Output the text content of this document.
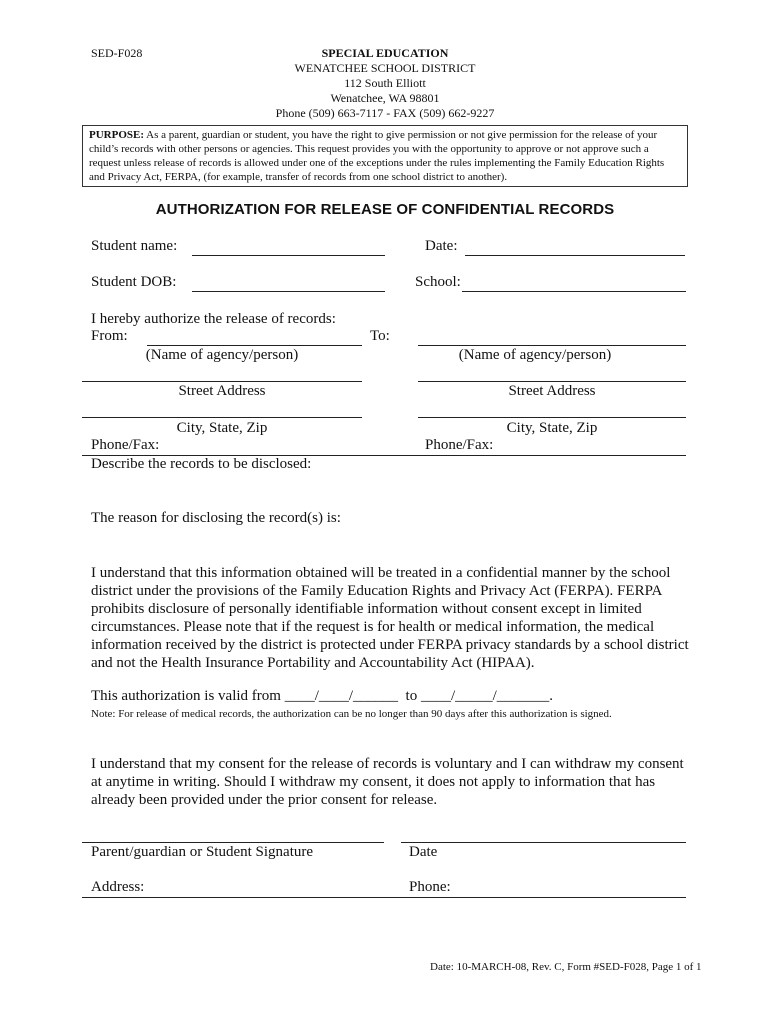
SED-F028	SPECIAL EDUCATION
WENATCHEE SCHOOL DISTRICT
112 South Elliott
Wenatchee, WA 98801
Phone (509) 663-7117 - FAX (509) 662-9227
PURPOSE: As a parent, guardian or student, you have the right to give permission or not give permission for the release of your child’s records with other persons or agencies. This request provides you with the opportunity to approve or not approve such a request unless release of records is allowed under one of the exceptions under the rules implementing the Family Education Rights and Privacy Act, FERPA, (for example, transfer of records from one school district to another).
AUTHORIZATION FOR RELEASE OF CONFIDENTIAL RECORDS
Student name:	Date:
Student DOB:	School:
I hereby authorize the release of records:
From:	To:
(Name of agency/person)	(Name of agency/person)
Street Address	Street Address
City, State, Zip	City, State, Zip
Phone/Fax:	Phone/Fax:
Describe the records to be disclosed:
The reason for disclosing the record(s) is:
I understand that this information obtained will be treated in a confidential manner by the school district under the provisions of the Family Education Rights and Privacy Act (FERPA). FERPA prohibits disclosure of personally identifiable information without consent except in limited circumstances. Please note that if the request is for health or medical information, the medical information received by the district is protected under FERPA privacy standards by a school district and not the Health Insurance Portability and Accountability Act (HIPAA).
This authorization is valid from ____/____/______  to ____/_____/_______.
Note: For release of medical records, the authorization can be no longer than 90 days after this authorization is signed.
I understand that my consent for the release of records is voluntary and I can withdraw my consent at anytime in writing. Should I withdraw my consent, it does not apply to information that has already been provided under the prior consent for release.
Parent/guardian or Student Signature	Date
Address:	Phone:
Date: 10-MARCH-08, Rev. C, Form #SED-F028, Page 1 of 1
